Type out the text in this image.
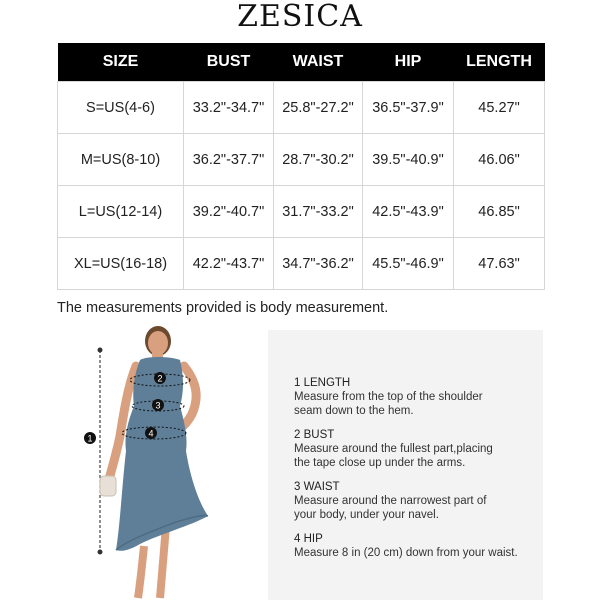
ZESICA
SIZE	BUST	WAIST	HIP	LENGTH
S=US(4-6)	33.2"-34.7"	25.8"-27.2"	36.5"-37.9"	45.27"
M=US(8-10)	36.2"-37.7"	28.7"-30.2"	39.5"-40.9"	46.06"
L=US(12-14)	39.2"-40.7"	31.7"-33.2"	42.5"-43.9"	46.85"
XL=US(16-18)	42.2"-43.7"	34.7"-36.2"	45.5"-46.9"	47.63"
The measurements provided is body measurement.
1
2
3
4
1 LENGTH
Measure from the top of the shoulder
seam down to the hem.
2 BUST
Measure around the fullest part,placing
the tape close up under the arms.
3 WAIST
Measure around the narrowest part of
your body, under your navel.
4 HIP
Measure 8 in (20 cm) down from your waist.
